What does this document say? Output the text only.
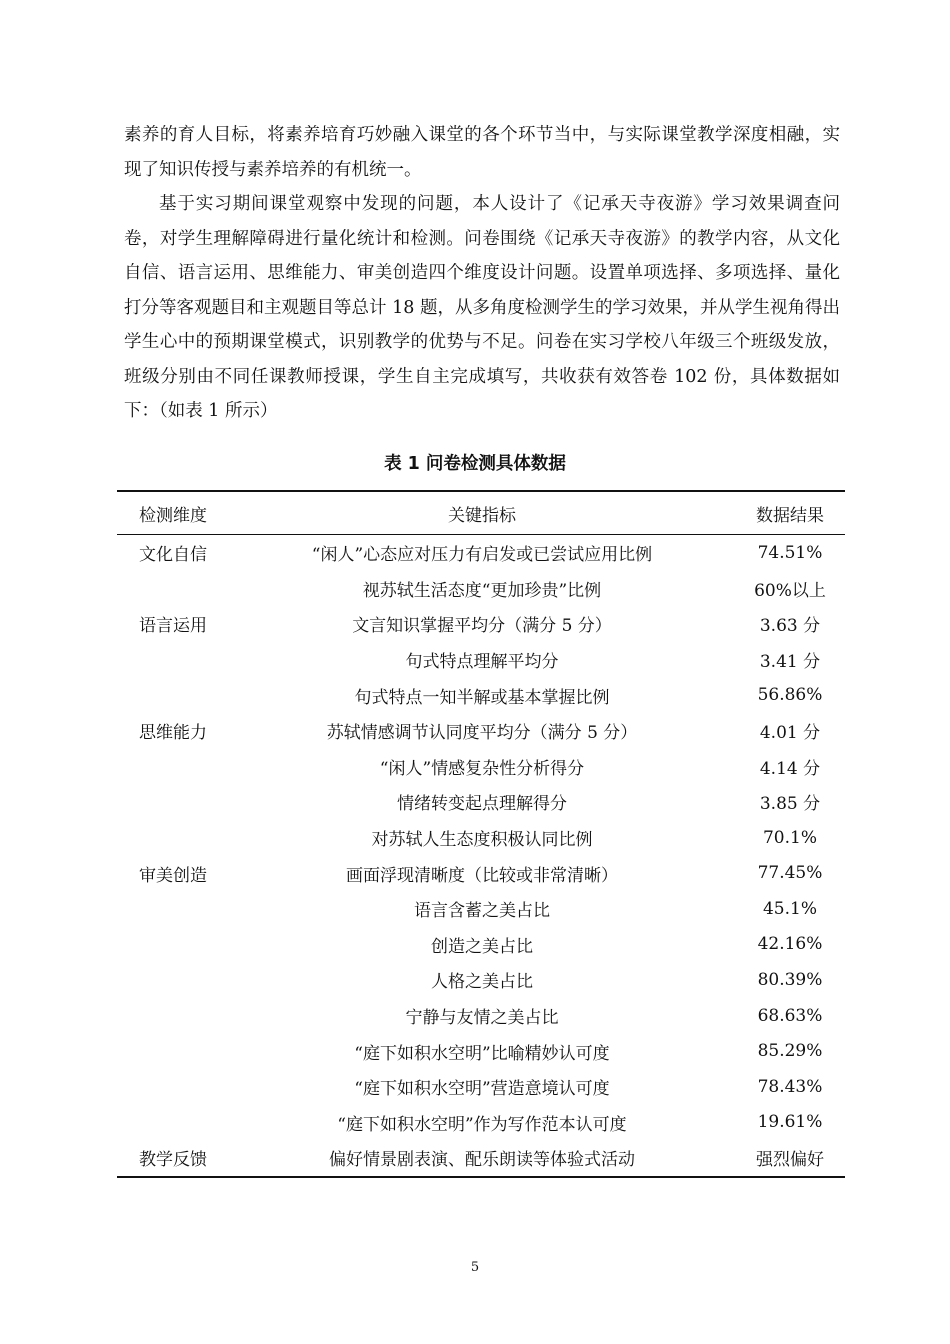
素养的育人目标，将素养培育巧妙融入课堂的各个环节当中，与实际课堂教学深度相融，实现了知识传授与素养培养的有机统一。

基于实习期间课堂观察中发现的问题，本人设计了《记承天寺夜游》学习效果调查问卷，对学生理解障碍进行量化统计和检测。问卷围绕《记承天寺夜游》的教学内容，从文化自信、语言运用、思维能力、审美创造四个维度设计问题。设置单项选择、多项选择、量化打分等客观题目和主观题目等总计 18 题，从多角度检测学生的学习效果，并从学生视角得出学生心中的预期课堂模式，识别教学的优势与不足。问卷在实习学校八年级三个班级发放，班级分别由不同任课教师授课，学生自主完成填写，共收获有效答卷 102 份，具体数据如下：（如表 1 所示）

表 1 问卷检测具体数据
检测维度	关键指标	数据结果
文化自信	“闲人”心态应对压力有启发或已尝试应用比例	74.51%
	视苏轼生活态度“更加珍贵”比例	60%以上
语言运用	文言知识掌握平均分（满分 5 分）	3.63 分
	句式特点理解平均分	3.41 分
	句式特点一知半解或基本掌握比例	56.86%
思维能力	苏轼情感调节认同度平均分（满分 5 分）	4.01 分
	“闲人”情感复杂性分析得分	4.14 分
	情绪转变起点理解得分	3.85 分
	对苏轼人生态度积极认同比例	70.1%
审美创造	画面浮现清晰度（比较或非常清晰）	77.45%
	语言含蓄之美占比	45.1%
	创造之美占比	42.16%
	人格之美占比	80.39%
	宁静与友情之美占比	68.63%
	“庭下如积水空明”比喻精妙认可度	85.29%
	“庭下如积水空明”营造意境认可度	78.43%
	“庭下如积水空明”作为写作范本认可度	19.61%
教学反馈	偏好情景剧表演、配乐朗读等体验式活动	强烈偏好
5
